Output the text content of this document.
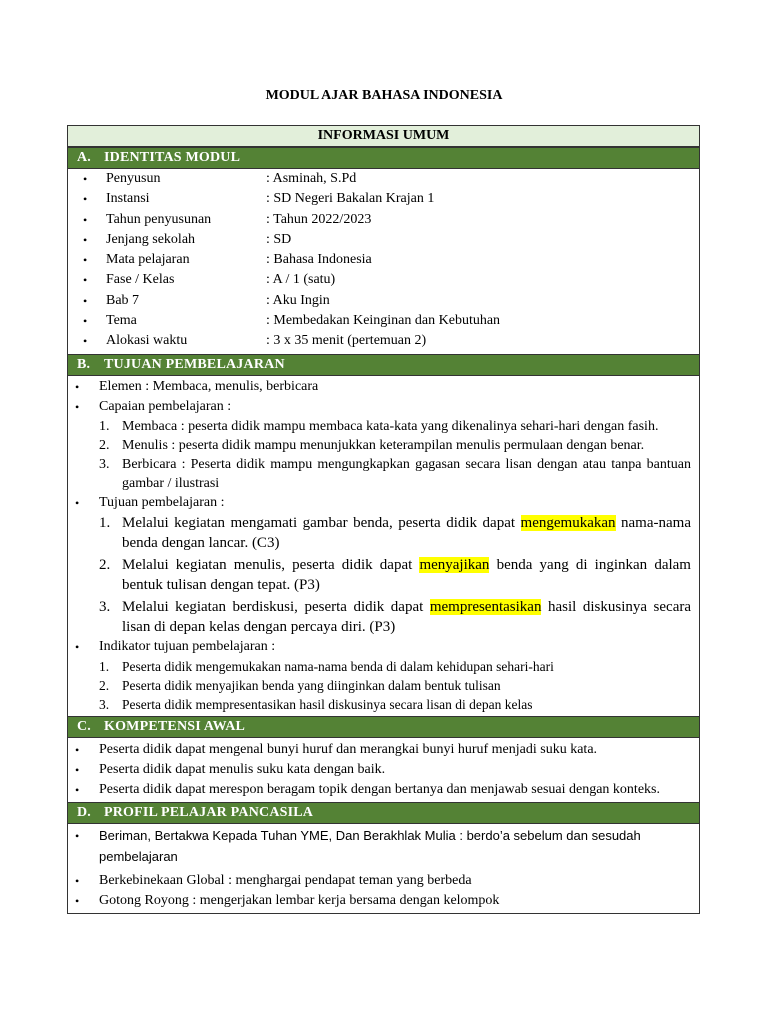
MODUL AJAR BAHASA INDONESIA
INFORMASI UMUM
A. IDENTITAS MODUL
• Penyusun	: Asminah, S.Pd
• Instansi	: SD Negeri Bakalan Krajan 1
• Tahun penyusunan	: Tahun 2022/2023
• Jenjang sekolah	: SD
• Mata pelajaran	: Bahasa Indonesia
• Fase / Kelas	: A / 1 (satu)
• Bab 7	: Aku Ingin
• Tema	: Membedakan Keinginan dan Kebutuhan
• Alokasi waktu	: 3 x 35 menit (pertemuan 2)
B. TUJUAN PEMBELAJARAN
• Elemen : Membaca, menulis, berbicara
• Capaian pembelajaran :
1. Membaca : peserta didik mampu membaca kata-kata yang dikenalinya sehari-hari dengan fasih.
2. Menulis : peserta didik mampu menunjukkan keterampilan menulis permulaan dengan benar.
3. Berbicara : Peserta didik mampu mengungkapkan gagasan secara lisan dengan atau tanpa bantuan gambar / ilustrasi
• Tujuan pembelajaran :
1. Melalui kegiatan mengamati gambar benda, peserta didik dapat mengemukakan nama-nama benda dengan lancar. (C3)
2. Melalui kegiatan menulis, peserta didik dapat menyajikan benda yang di inginkan dalam bentuk tulisan dengan tepat. (P3)
3. Melalui kegiatan berdiskusi, peserta didik dapat mempresentasikan hasil diskusinya secara lisan di depan kelas dengan percaya diri. (P3)
• Indikator tujuan pembelajaran :
1. Peserta didik mengemukakan nama-nama benda di dalam kehidupan sehari-hari
2. Peserta didik menyajikan benda yang diinginkan dalam bentuk tulisan
3. Peserta didik mempresentasikan hasil diskusinya secara lisan di depan kelas
C. KOMPETENSI AWAL
• Peserta didik dapat mengenal bunyi huruf dan merangkai bunyi huruf menjadi suku kata.
• Peserta didik dapat menulis suku kata dengan baik.
• Peserta didik dapat merespon beragam topik dengan bertanya dan menjawab sesuai dengan konteks.
D. PROFIL PELAJAR PANCASILA
• Beriman, Bertakwa Kepada Tuhan YME, Dan Berakhlak Mulia : berdo’a sebelum dan sesudah pembelajaran
• Berkebinekaan Global : menghargai pendapat teman yang berbeda
• Gotong Royong : mengerjakan lembar kerja bersama dengan kelompok
